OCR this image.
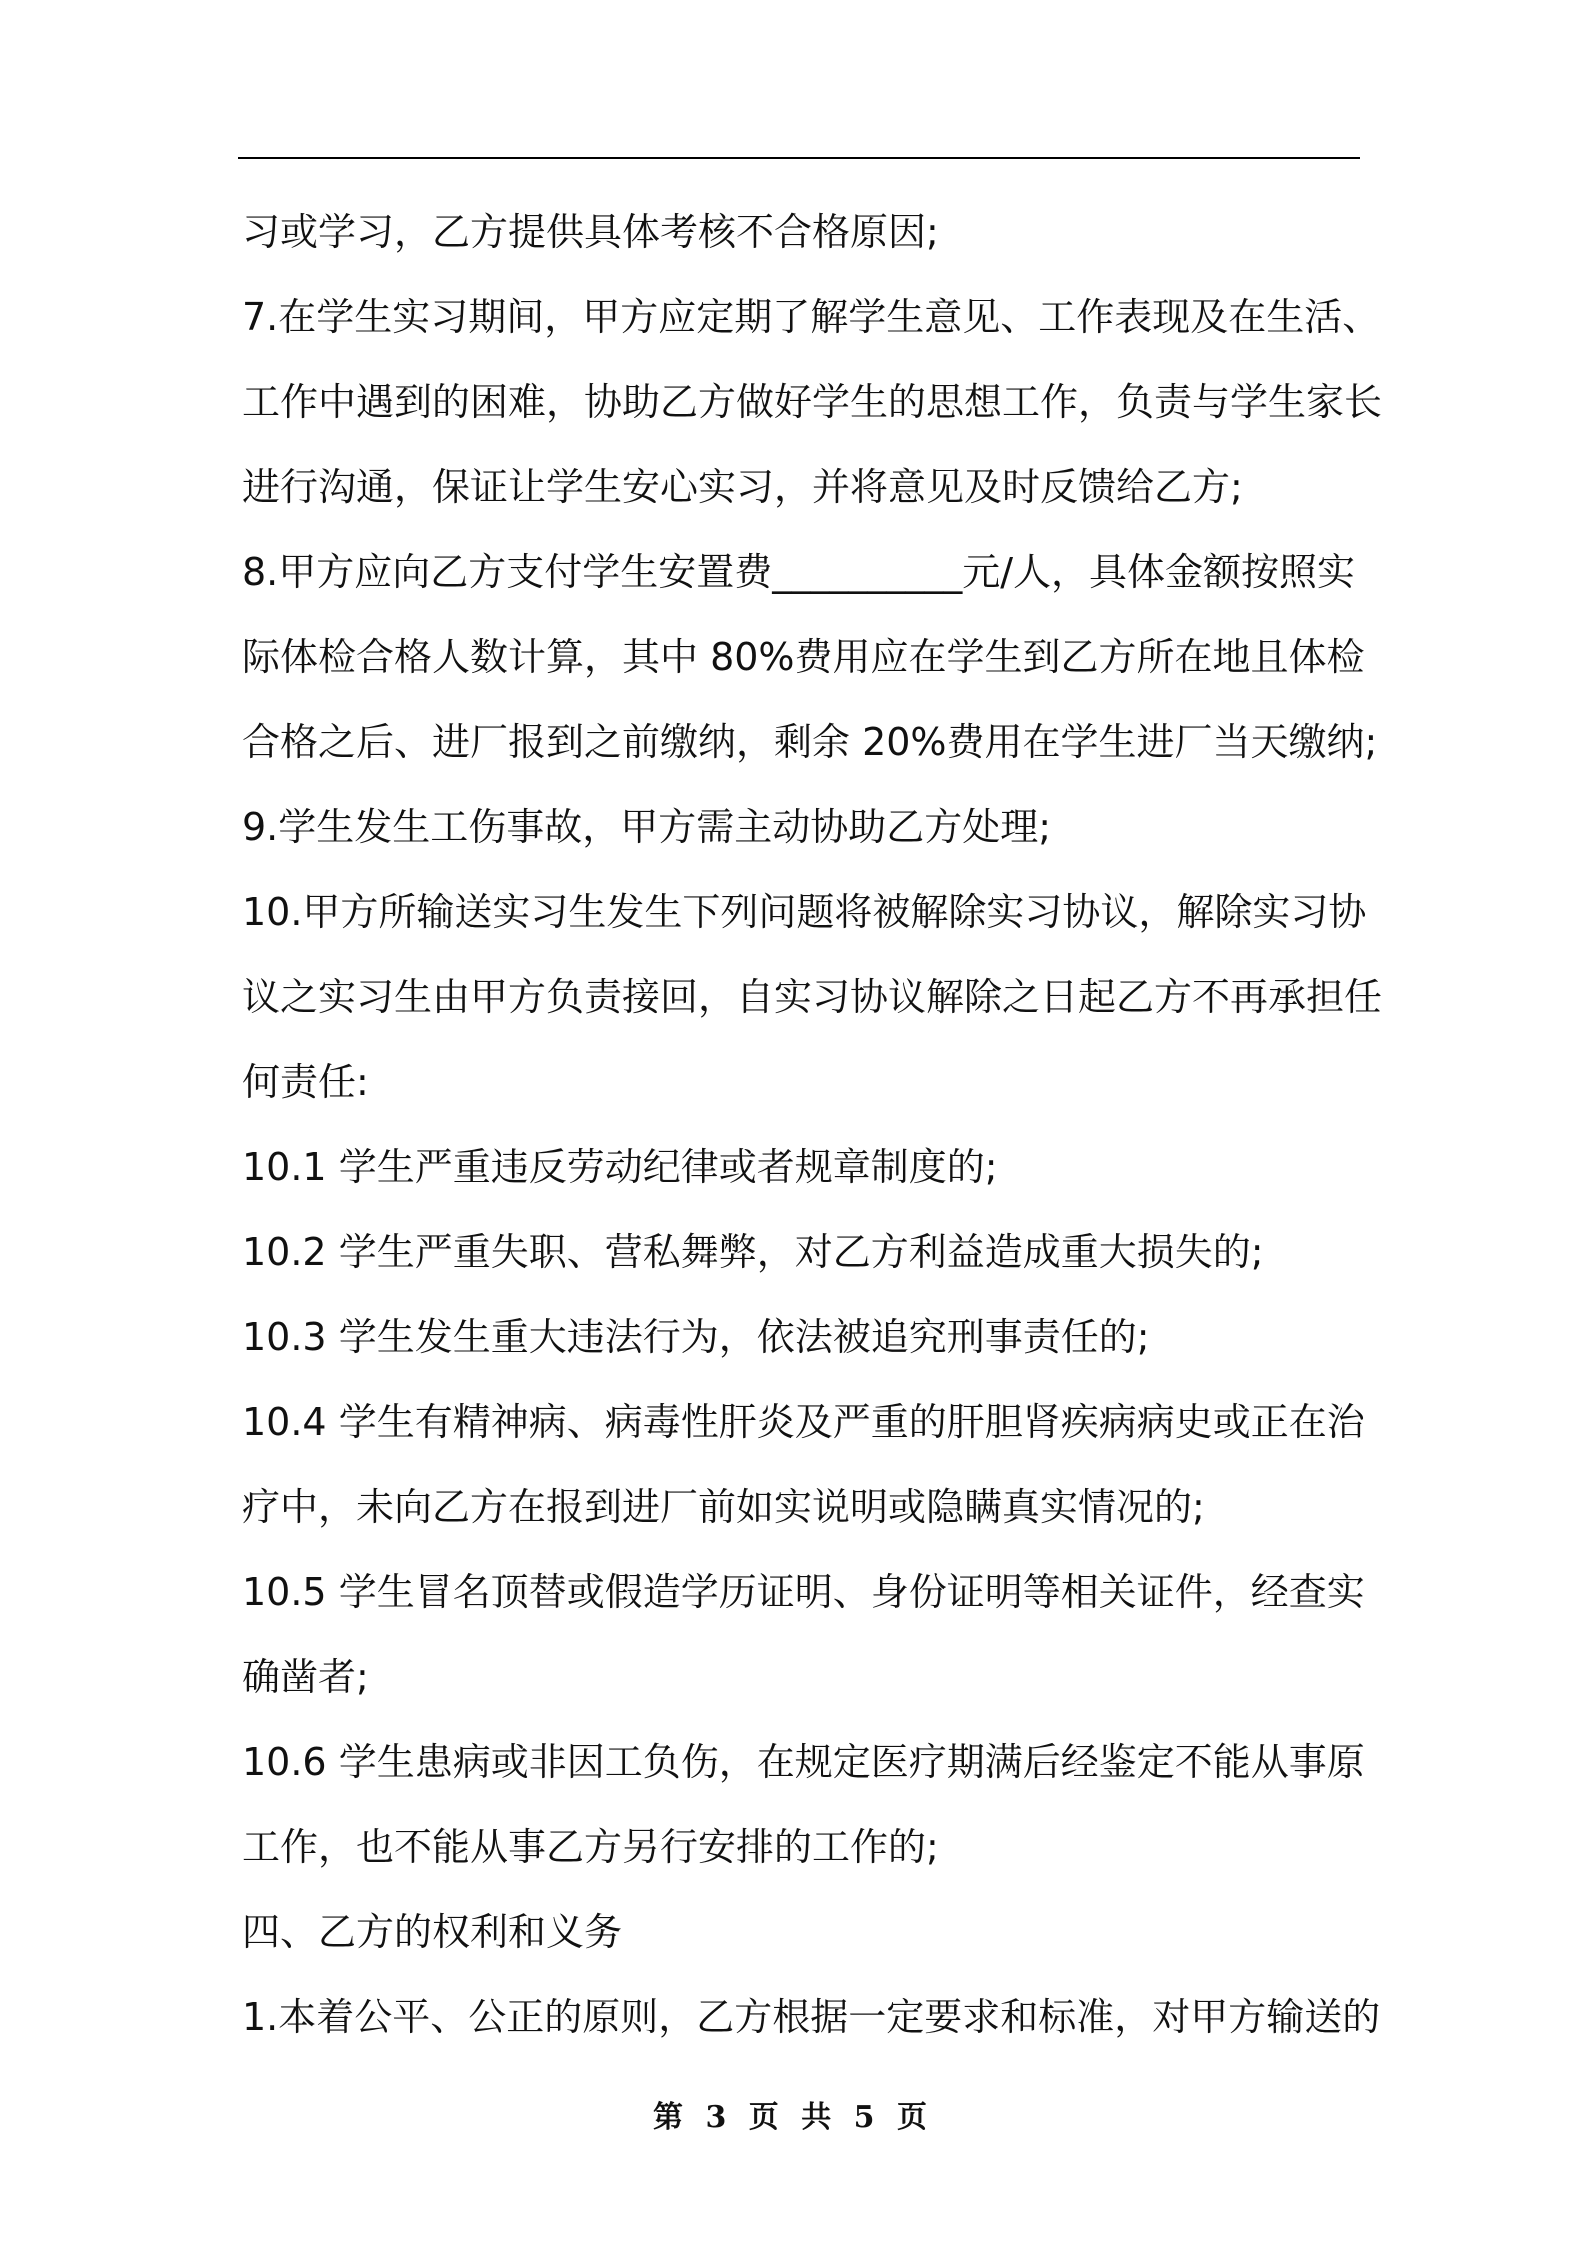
习或学习，乙方提供具体考核不合格原因;
7.在学生实习期间，甲方应定期了解学生意见、工作表现及在生活、
工作中遇到的困难，协助乙方做好学生的思想工作，负责与学生家长
进行沟通，保证让学生安心实习，并将意见及时反馈给乙方;
8.甲方应向乙方支付学生安置费__________元/人，具体金额按照实
际体检合格人数计算，其中 80%费用应在学生到乙方所在地且体检
合格之后、进厂报到之前缴纳，剩余 20%费用在学生进厂当天缴纳;
9.学生发生工伤事故，甲方需主动协助乙方处理;
10.甲方所输送实习生发生下列问题将被解除实习协议，解除实习协
议之实习生由甲方负责接回，自实习协议解除之日起乙方不再承担任
何责任:
10.1 学生严重违反劳动纪律或者规章制度的;
10.2 学生严重失职、营私舞弊，对乙方利益造成重大损失的;
10.3 学生发生重大违法行为，依法被追究刑事责任的;
10.4 学生有精神病、病毒性肝炎及严重的肝胆肾疾病病史或正在治
疗中，未向乙方在报到进厂前如实说明或隐瞒真实情况的;
10.5 学生冒名顶替或假造学历证明、身份证明等相关证件，经查实
确凿者;
10.6 学生患病或非因工负伤，在规定医疗期满后经鉴定不能从事原
工作，也不能从事乙方另行安排的工作的;
四、乙方的权利和义务
1.本着公平、公正的原则，乙方根据一定要求和标准，对甲方输送的
第 3 页 共 5 页
